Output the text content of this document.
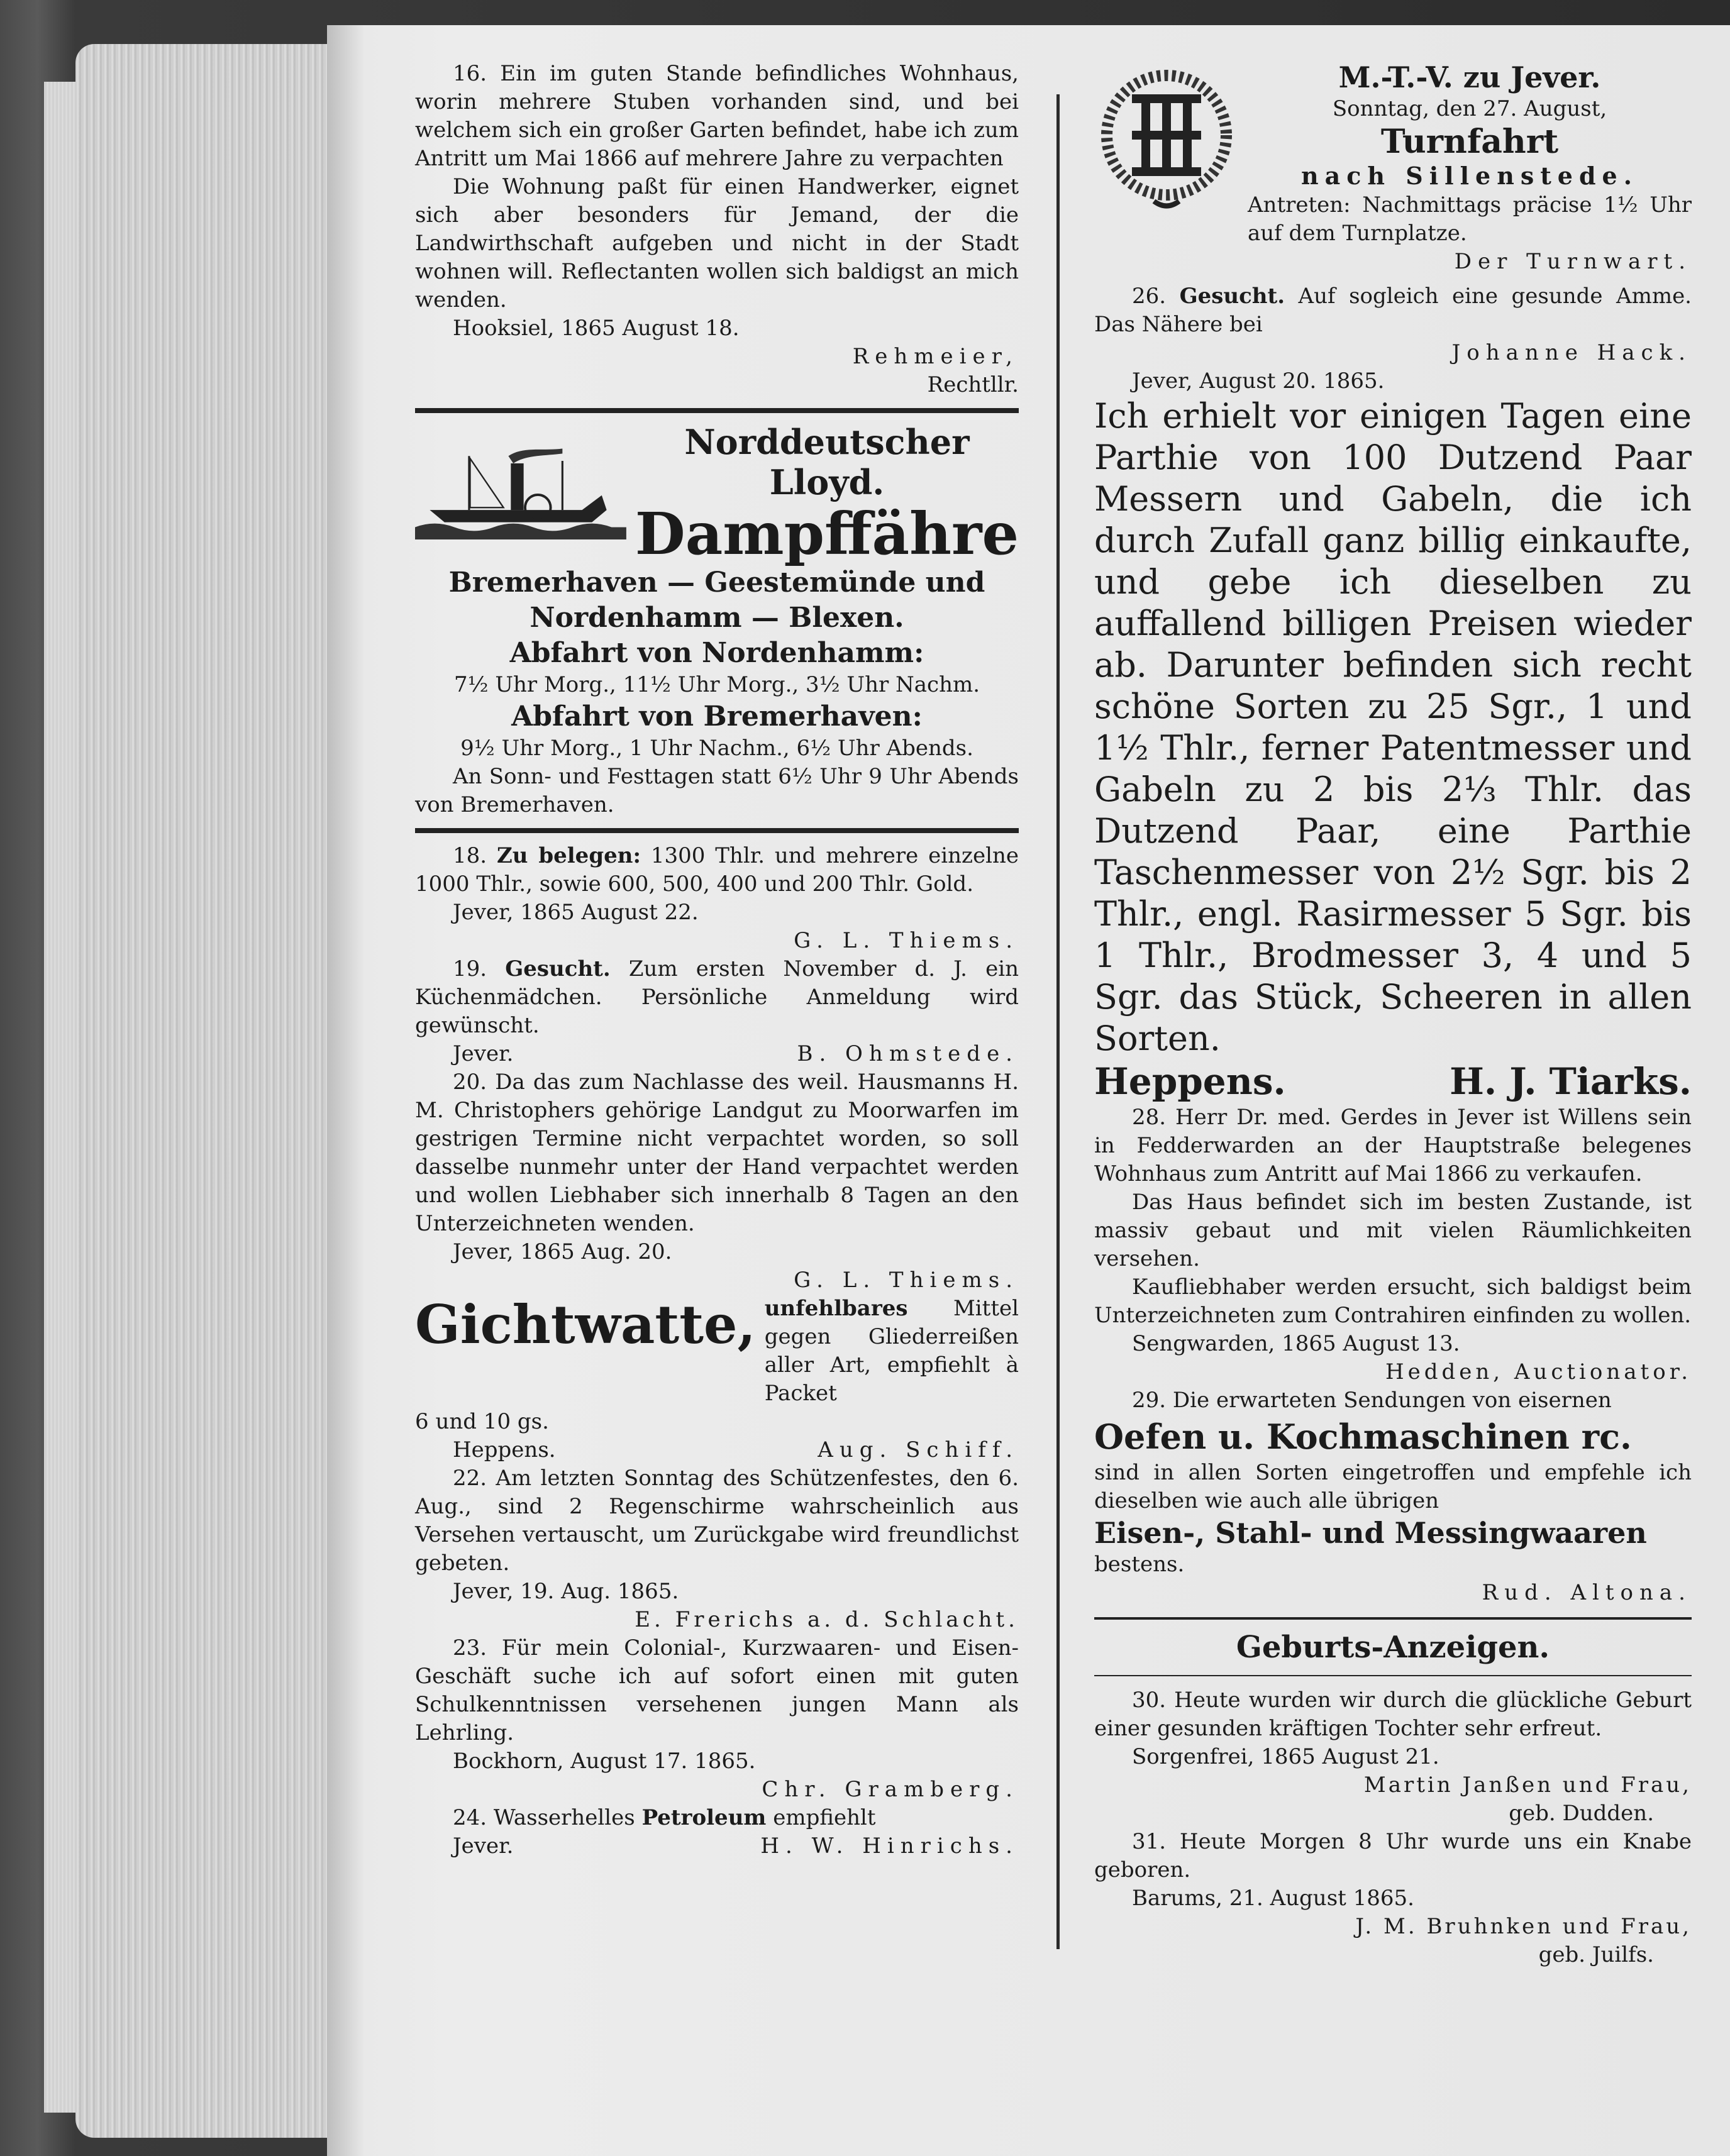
16. Ein im guten Stande befindliches Wohnhaus, worin mehrere Stuben vorhanden sind, und bei welchem sich ein großer Garten befindet, habe ich zum Antritt um Mai 1866 auf mehrere Jahre zu verpachten

Die Wohnung paßt für einen Handwerker, eignet sich aber besonders für Jemand, der die Landwirthschaft aufgeben und nicht in der Stadt wohnen will. Reflectanten wollen sich baldigst an mich wenden.

Hooksiel, 1865 August 18.

Rehmeier,

Rechtllr.

Norddeutscher
Lloyd.
Dampffähre
Bremerhaven — Geestemünde und
Nordenhamm — Blexen.
Abfahrt von Nordenhamm:

7½ Uhr Morg., 11½ Uhr Morg., 3½ Uhr Nachm.

Abfahrt von Bremerhaven:

9½ Uhr Morg., 1 Uhr Nachm., 6½ Uhr Abends.

An Sonn- und Festtagen statt 6½ Uhr 9 Uhr Abends von Bremerhaven.

18. Zu belegen: 1300 Thlr. und mehrere einzelne 1000 Thlr., sowie 600, 500, 400 und 200 Thlr. Gold.

Jever, 1865 August 22.

G. L. Thiems.

19. Gesucht. Zum ersten November d. J. ein Küchenmädchen. Persönliche Anmeldung wird gewünscht.

Jever.	B. Ohmstede.

20. Da das zum Nachlasse des weil. Hausmanns H. M. Christophers gehörige Landgut zu Moorwarfen im gestrigen Termine nicht verpachtet worden, so soll dasselbe nunmehr unter der Hand verpachtet werden und wollen Liebhaber sich innerhalb 8 Tagen an den Unterzeichneten wenden.

Jever, 1865 Aug. 20.

G. L. Thiems.

Gichtwatte, unfehlbares Mittel gegen Gliederreißen aller Art, empfiehlt à Packet

6 und 10 gs.

Heppens.	Aug. Schiff.

22. Am letzten Sonntag des Schützenfestes, den 6. Aug., sind 2 Regenschirme wahrscheinlich aus Versehen vertauscht, um Zurückgabe wird freundlichst gebeten.

Jever, 19. Aug. 1865.

E. Frerichs a. d. Schlacht.

23. Für mein Colonial-, Kurzwaaren- und Eisen-Geschäft suche ich auf sofort einen mit guten Schulkenntnissen versehenen jungen Mann als Lehrling.

Bockhorn, August 17. 1865.

Chr. Gramberg.

24. Wasserhelles Petroleum empfiehlt

Jever.	H. W. Hinrichs.
M.-T.-V. zu Jever.

Sonntag, den 27. August,

Turnfahrt
nach Sillenstede.

Antreten: Nachmittags präcise 1½ Uhr auf dem Turnplatze.

Der Turnwart.

26. Gesucht. Auf sogleich eine gesunde Amme. Das Nähere bei

Johanne Hack.

Jever, August 20. 1865.

Ich erhielt vor einigen Tagen eine Parthie von 100 Dutzend Paar Messern und Gabeln, die ich durch Zufall ganz billig einkaufte, und gebe ich dieselben zu auffallend billigen Preisen wieder ab. Darunter befinden sich recht schöne Sorten zu 25 Sgr., 1 und 1½ Thlr., ferner Patentmesser und Gabeln zu 2 bis 2⅓ Thlr. das Dutzend Paar, eine Parthie Taschenmesser von 2½ Sgr. bis 2 Thlr., engl. Rasirmesser 5 Sgr. bis 1 Thlr., Brodmesser 3, 4 und 5 Sgr. das Stück, Scheeren in allen Sorten.

Heppens.	H. J. Tiarks.

28. Herr Dr. med. Gerdes in Jever ist Willens sein in Fedderwarden an der Hauptstraße belegenes Wohnhaus zum Antritt auf Mai 1866 zu verkaufen.

Das Haus befindet sich im besten Zustande, ist massiv gebaut und mit vielen Räumlichkeiten versehen.

Kaufliebhaber werden ersucht, sich baldigst beim Unterzeichneten zum Contrahiren einfinden zu wollen.

Sengwarden, 1865 August 13.

Hedden, Auctionator.

29. Die erwarteten Sendungen von eisernen

Oefen u. Kochmaschinen rc.

sind in allen Sorten eingetroffen und empfehle ich dieselben wie auch alle übrigen

Eisen-, Stahl- und Messingwaaren

bestens.

Rud. Altona.

Geburts-Anzeigen.

30. Heute wurden wir durch die glückliche Geburt einer gesunden kräftigen Tochter sehr erfreut.

Sorgenfrei, 1865 August 21.

Martin Janßen und Frau,

geb. Dudden.

31. Heute Morgen 8 Uhr wurde uns ein Knabe geboren.

Barums, 21. August 1865.

J. M. Bruhnken und Frau,

geb. Juilfs.
